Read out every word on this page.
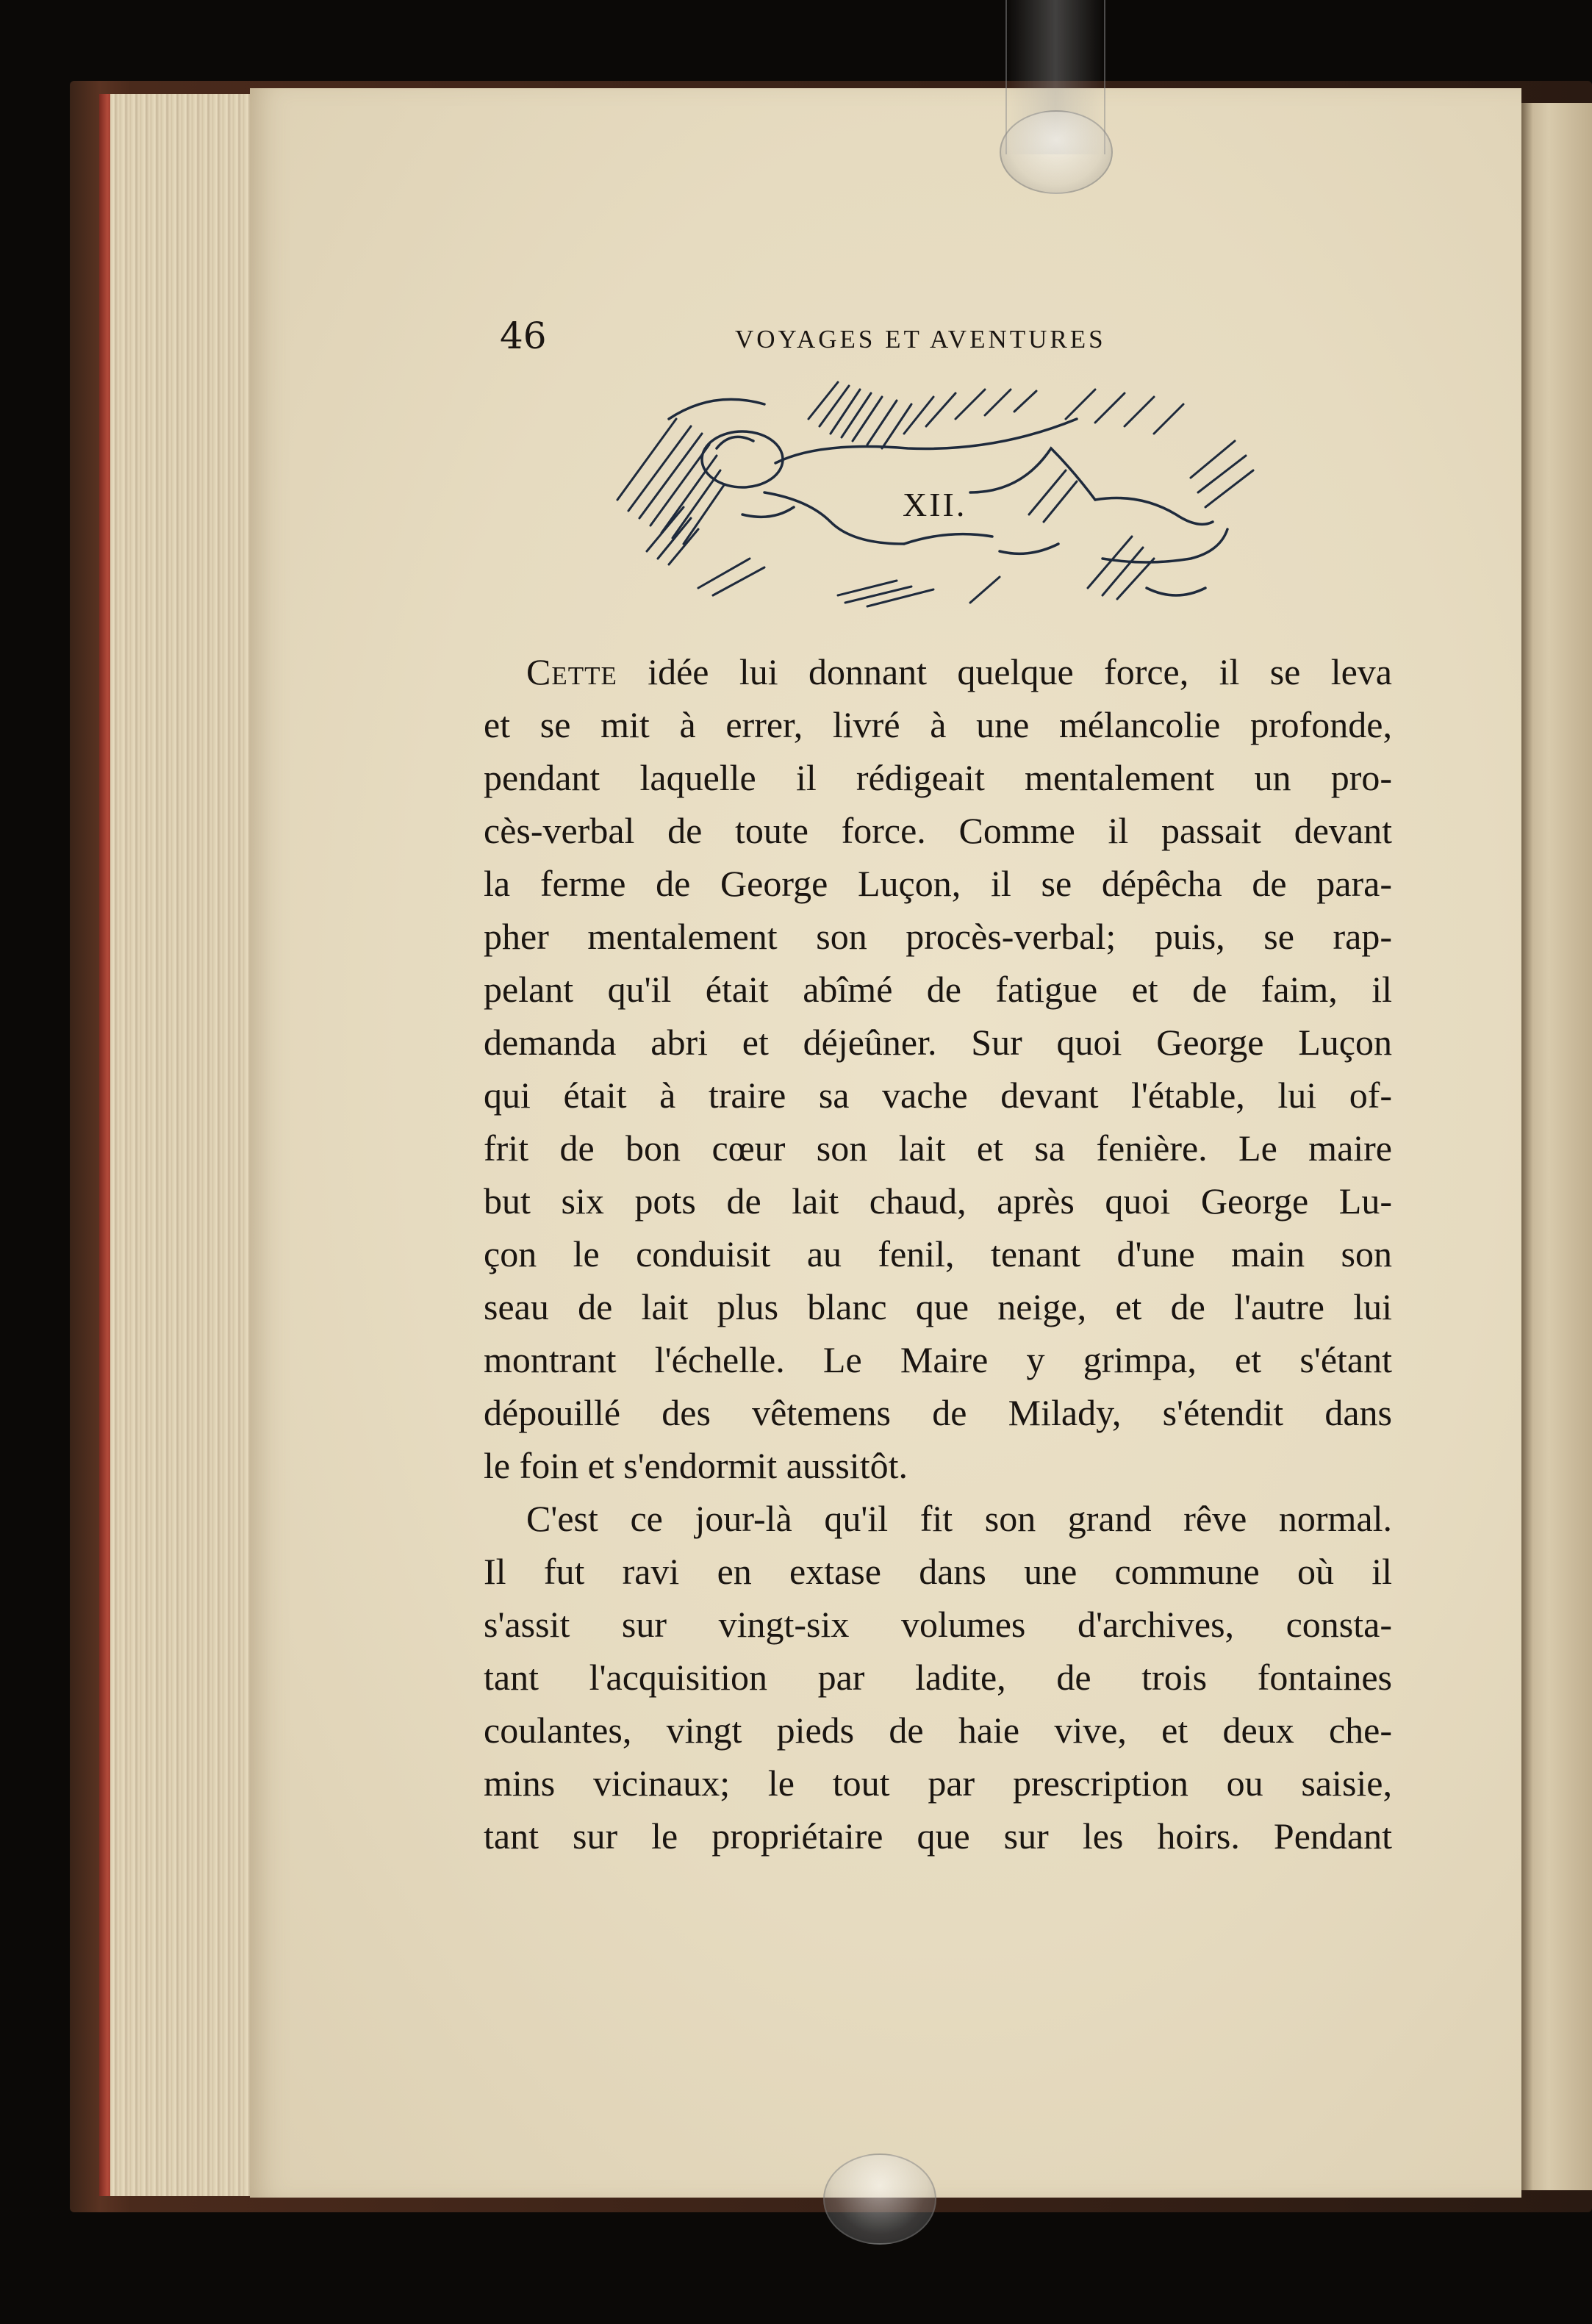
46	VOYAGES ET AVENTURES
XII.
Cette idée lui donnant quelque force, il se leva
et se mit à errer, livré à une mélancolie profonde,
pendant laquelle il rédigeait mentalement un pro-
cès-verbal de toute force. Comme il passait devant
la ferme de George Luçon, il se dépêcha de para-
pher mentalement son procès-verbal; puis, se rap-
pelant qu'il était abîmé de fatigue et de faim, il
demanda abri et déjeûner. Sur quoi George Luçon
qui était à traire sa vache devant l'étable, lui of-
frit de bon cœur son lait et sa fenière. Le maire
but six pots de lait chaud, après quoi George Lu-
çon le conduisit au fenil, tenant d'une main son
seau de lait plus blanc que neige, et de l'autre lui
montrant l'échelle. Le Maire y grimpa, et s'étant
dépouillé des vêtemens de Milady, s'étendit dans
le foin et s'endormit aussitôt.
C'est ce jour-là qu'il fit son grand rêve normal.
Il fut ravi en extase dans une commune où il
s'assit sur vingt-six volumes d'archives, consta-
tant l'acquisition par ladite, de trois fontaines
coulantes, vingt pieds de haie vive, et deux che-
mins vicinaux; le tout par prescription ou saisie,
tant sur le propriétaire que sur les hoirs. Pendant
